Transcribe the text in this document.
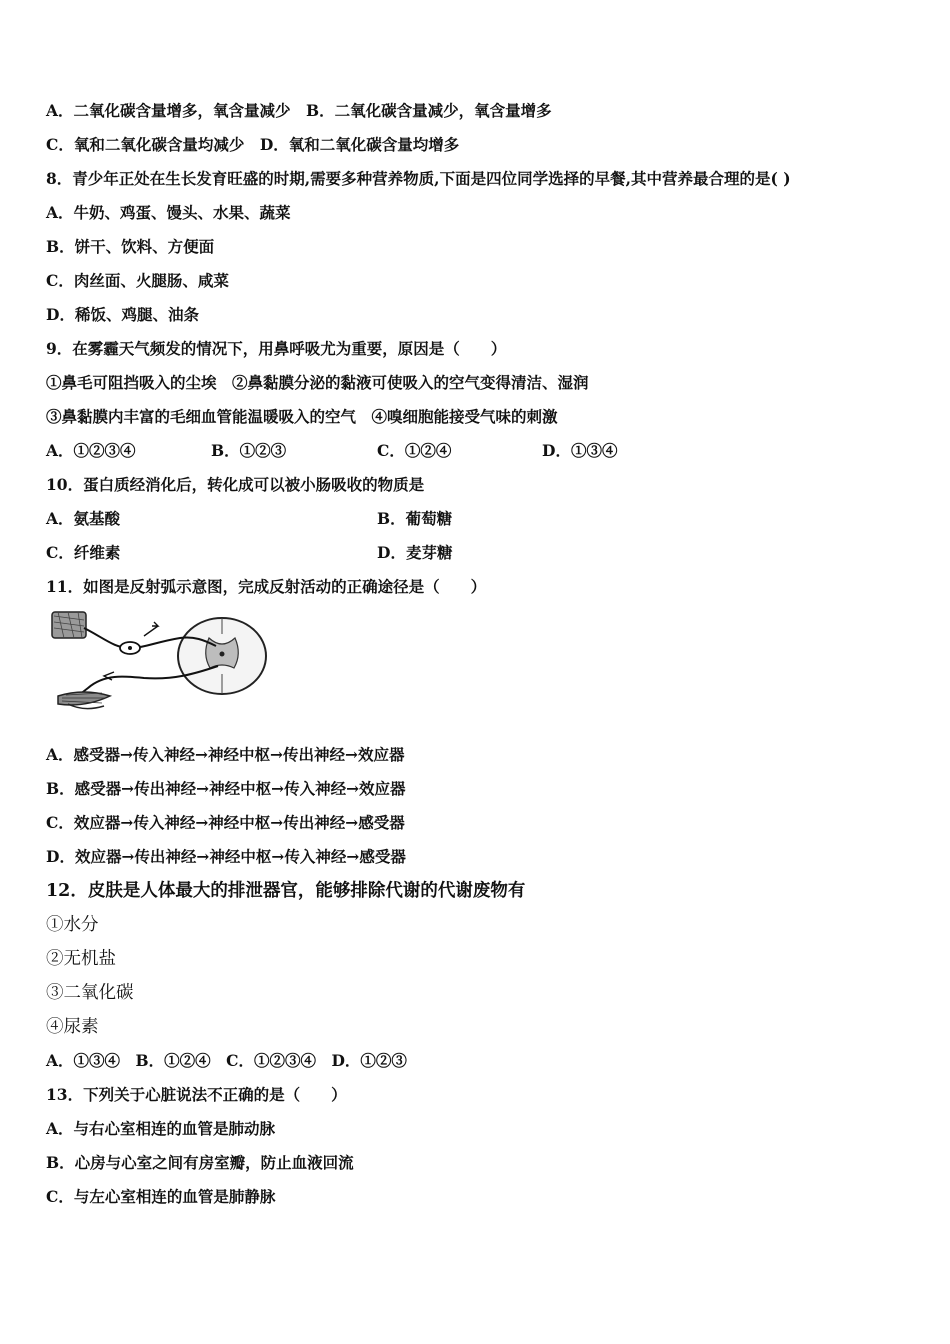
A．二氧化碳含量增多，氧含量减少　B．二氧化碳含量减少，氧含量增多
C．氧和二氧化碳含量均减少　D．氧和二氧化碳含量均增多
8．青少年正处在生长发育旺盛的时期,需要多种营养物质,下面是四位同学选择的早餐,其中营养最合理的是( )
A．牛奶、鸡蛋、馒头、水果、蔬菜
B．饼干、饮料、方便面
C．肉丝面、火腿肠、咸菜
D．稀饭、鸡腿、油条
9．在雾霾天气频发的情况下，用鼻呼吸尤为重要，原因是（　　）
①鼻毛可阻挡吸入的尘埃　②鼻黏膜分泌的黏液可使吸入的空气变得清洁、湿润
③鼻黏膜内丰富的毛细血管能温暖吸入的空气　④嗅细胞能接受气味的刺激
A．①②③④	B．①②③	C．①②④	D．①③④
10．蛋白质经消化后，转化成可以被小肠吸收的物质是
A．氨基酸	B．葡萄糖
C．纤维素	D．麦芽糖
11．如图是反射弧示意图，完成反射活动的正确途径是（　　）
A．感受器→传入神经→神经中枢→传出神经→效应器
B．感受器→传出神经→神经中枢→传入神经→效应器
C．效应器→传入神经→神经中枢→传出神经→感受器
D．效应器→传出神经→神经中枢→传入神经→感受器
12．皮肤是人体最大的排泄器官，能够排除代谢的代谢废物有
①水分
②无机盐
③二氧化碳
④尿素
A．①③④　B．①②④　C．①②③④　D．①②③
13．下列关于心脏说法不正确的是（　　）
A．与右心室相连的血管是肺动脉
B．心房与心室之间有房室瓣，防止血液回流
C．与左心室相连的血管是肺静脉
